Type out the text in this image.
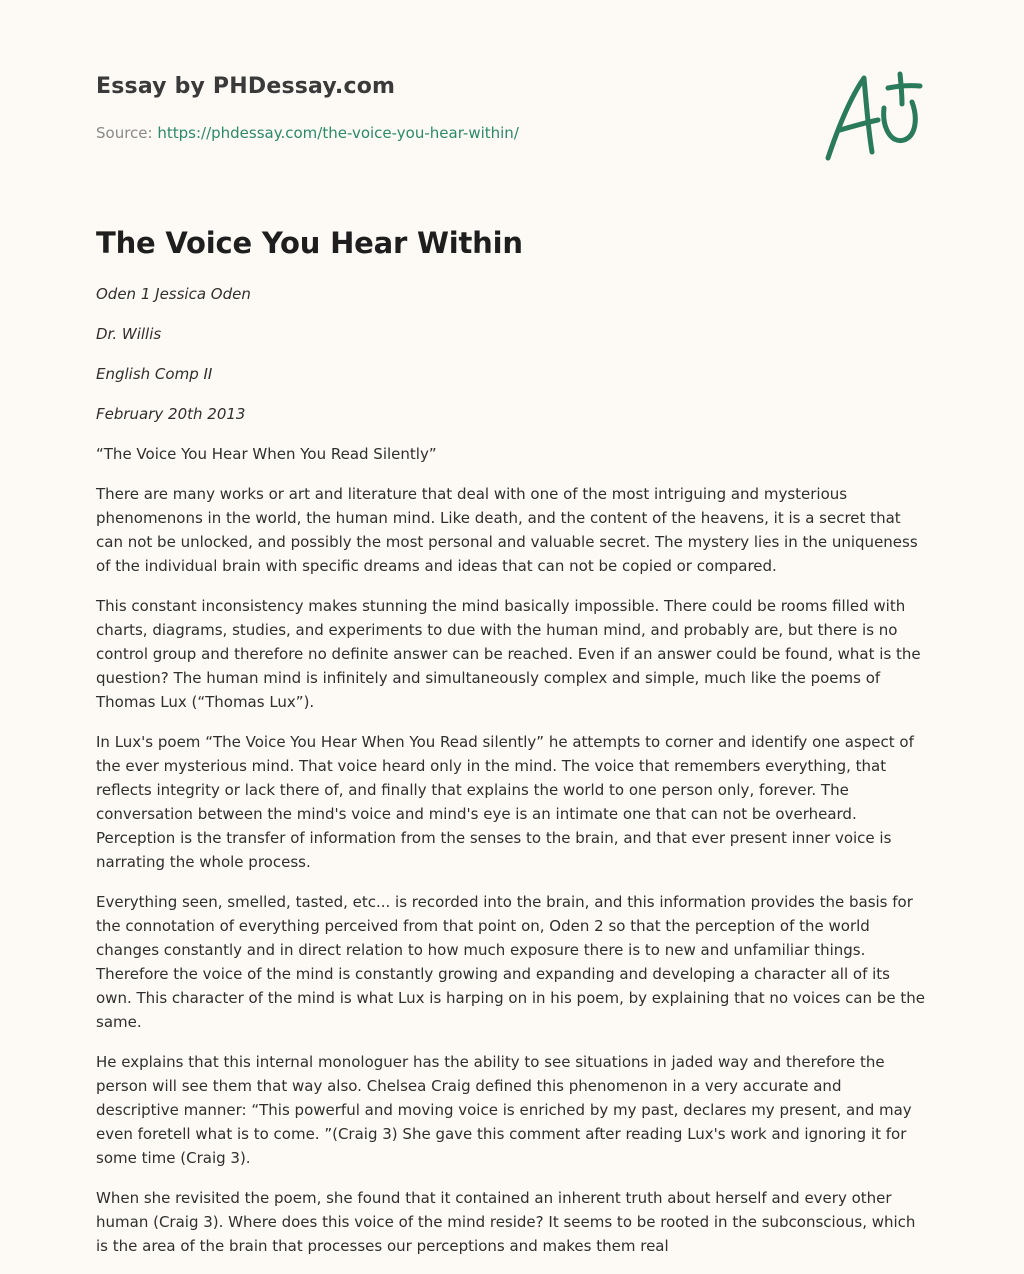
Essay by PHDessay.com
Source: https://phdessay.com/the-voice-you-hear-within/
The Voice You Hear Within

Oden 1 Jessica Oden

Dr. Willis

English Comp II

February 20th 2013

“The Voice You Hear When You Read Silently”

There are many works or art and literature that deal with one of the most intriguing and mysterious phenomenons in the world, the human mind. Like death, and the content of the heavens, it is a secret that can not be unlocked, and possibly the most personal and valuable secret. The mystery lies in the uniqueness of the individual brain with specific dreams and ideas that can not be copied or compared.

This constant inconsistency makes stunning the mind basically impossible. There could be rooms filled with charts, diagrams, studies, and experiments to due with the human mind, and probably are, but there is no control group and therefore no definite answer can be reached. Even if an answer could be found, what is the question? The human mind is infinitely and simultaneously complex and simple, much like the poems of Thomas Lux (“Thomas Lux”).

In Lux's poem “The Voice You Hear When You Read silently” he attempts to corner and identify one aspect of the ever mysterious mind. That voice heard only in the mind. The voice that remembers everything, that reflects integrity or lack there of, and finally that explains the world to one person only, forever. The conversation between the mind's voice and mind's eye is an intimate one that can not be overheard. Perception is the transfer of information from the senses to the brain, and that ever present inner voice is narrating the whole process.

Everything seen, smelled, tasted, etc... is recorded into the brain, and this information provides the basis for the connotation of everything perceived from that point on, Oden 2 so that the perception of the world changes constantly and in direct relation to how much exposure there is to new and unfamiliar things. Therefore the voice of the mind is constantly growing and expanding and developing a character all of its own. This character of the mind is what Lux is harping on in his poem, by explaining that no voices can be the same.

He explains that this internal monologuer has the ability to see situations in jaded way and therefore the person will see them that way also. Chelsea Craig defined this phenomenon in a very accurate and descriptive manner: “This powerful and moving voice is enriched by my past, declares my present, and may even foretell what is to come. ”(Craig 3) She gave this comment after reading Lux's work and ignoring it for some time (Craig 3).

When she revisited the poem, she found that it contained an inherent truth about herself and every other human (Craig 3). Where does this voice of the mind reside? It seems to be rooted in the subconscious, which is the area of the brain that processes our perceptions and makes them real
